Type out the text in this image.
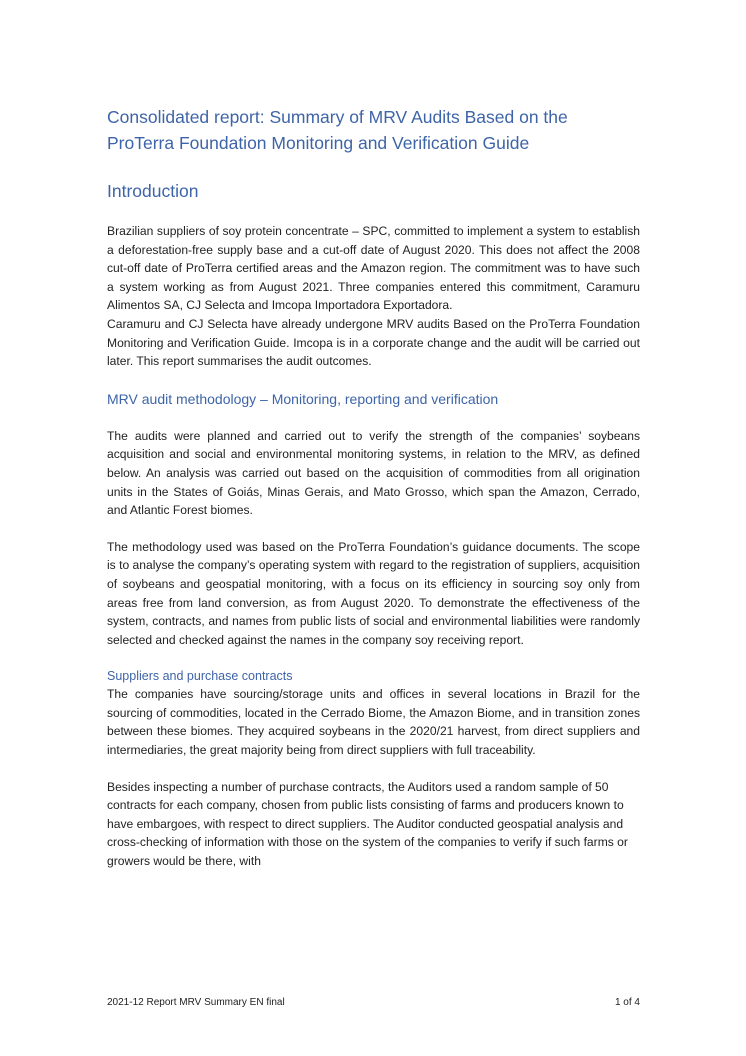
Consolidated report: Summary of MRV Audits Based on the
ProTerra Foundation Monitoring and Verification Guide
Introduction

Brazilian suppliers of soy protein concentrate – SPC, committed to implement a system to establish a deforestation-free supply base and a cut-off date of August 2020. This does not affect the 2008 cut-off date of ProTerra certified areas and the Amazon region. The commitment was to have such a system working as from August 2021. Three companies entered this commitment, Caramuru Alimentos SA, CJ Selecta and Imcopa Importadora Exportadora.

Caramuru and CJ Selecta have already undergone MRV audits Based on the ProTerra Foundation Monitoring and Verification Guide. Imcopa is in a corporate change and the audit will be carried out later. This report summarises the audit outcomes.

MRV audit methodology – Monitoring, reporting and verification

The audits were planned and carried out to verify the strength of the companies’ soybeans acquisition and social and environmental monitoring systems, in relation to the MRV, as defined below. An analysis was carried out based on the acquisition of commodities from all origination units in the States of Goiás, Minas Gerais, and Mato Grosso, which span the Amazon, Cerrado, and Atlantic Forest biomes.

The methodology used was based on the ProTerra Foundation’s guidance documents. The scope is to analyse the company’s operating system with regard to the registration of suppliers, acquisition of soybeans and geospatial monitoring, with a focus on its efficiency in sourcing soy only from areas free from land conversion, as from August 2020. To demonstrate the effectiveness of the system, contracts, and names from public lists of social and environmental liabilities were randomly selected and checked against the names in the company soy receiving report.

Suppliers and purchase contracts

The companies have sourcing/storage units and offices in several locations in Brazil for the sourcing of commodities, located in the Cerrado Biome, the Amazon Biome, and in transition zones between these biomes. They acquired soybeans in the 2020/21 harvest, from direct suppliers and intermediaries, the great majority being from direct suppliers with full traceability.

Besides inspecting a number of purchase contracts, the Auditors used a random sample of 50 contracts for each company, chosen from public lists consisting of farms and producers known to have embargoes, with respect to direct suppliers. The Auditor conducted geospatial analysis and cross-checking of information with those on the system of the companies to verify if such farms or growers would be there, with

2021-12 Report MRV Summary EN final	1 of 4
